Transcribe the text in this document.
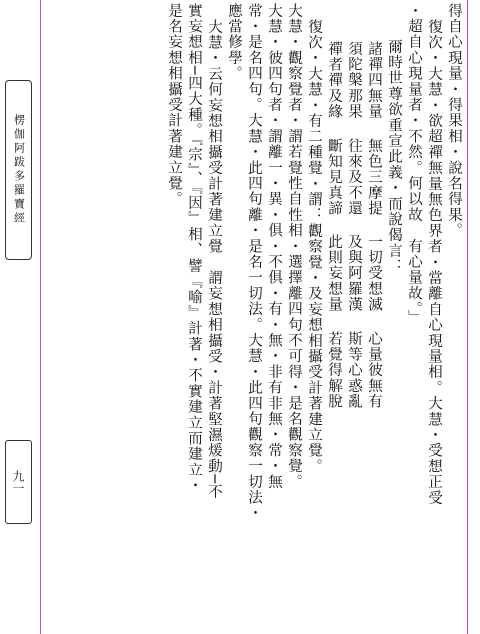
楞伽阿跋多羅寶經
九一
得自心現量・得果相・說名得果。
復次・大慧・欲超禪無量無色界者・當離自心現量相。大慧・受想正受
・超自心現量者・不然。何以故　有心量故。」
爾時世尊欲重宣此義・而說偈言：
諸禪四無量
無色三摩提
一切受想滅
心量彼無有
須陀槃那果
往來及不還
及與阿羅漢
斯等心惑亂
禪者禪及緣
斷知見真諦
此則妄想量
若覺得解脫
復次・大慧・有二種覺・謂：觀察覺・及妄想相攝受計著建立覺。
大慧・觀察覺者・謂若覺性自性相・選擇離四句不可得・是名觀察覺。
大慧・彼四句者・謂離一・異・俱・不俱・有・無・非有非無・常・無
常・是名四句。大慧・此四句離・是名一切法。大慧・此四句觀察一切法・
應當修學。
大慧・云何妄想相攝受計著建立覺　謂妄想相攝受・計著堅濕煖動─不
實妄想相─四大種。『宗』、『因』相、譬『喻』計著・不實建立而建立・
是名妄想相攝受計著建立覺。
